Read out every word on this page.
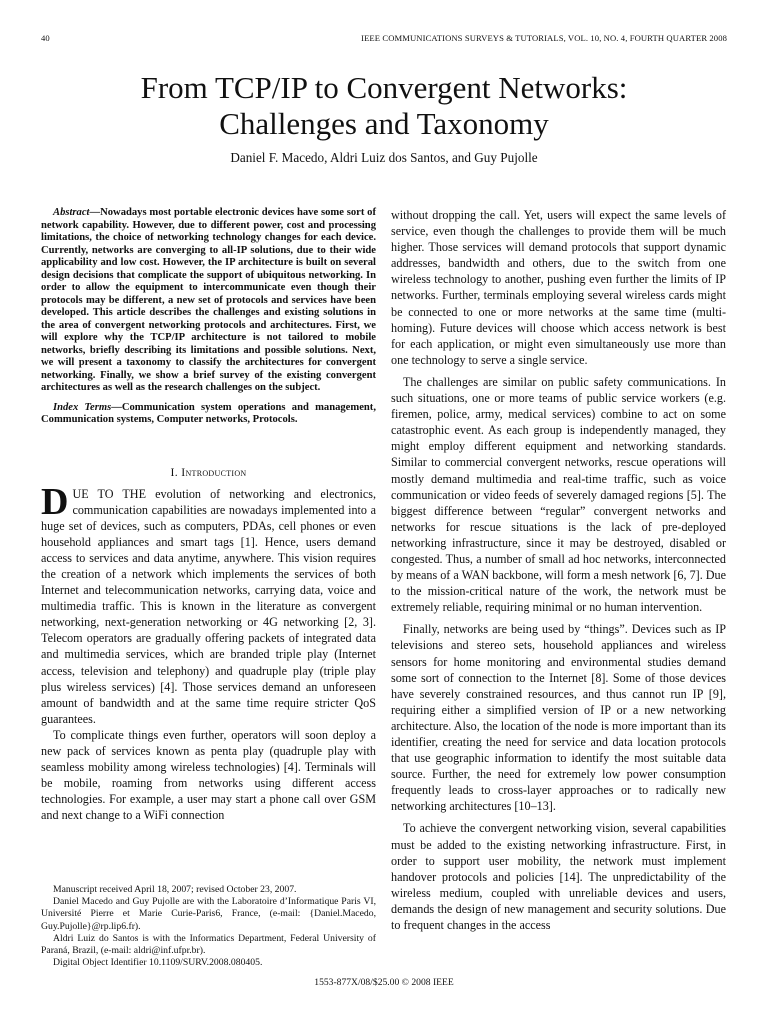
40	IEEE COMMUNICATIONS SURVEYS & TUTORIALS, VOL. 10, NO. 4, FOURTH QUARTER 2008
From TCP/IP to Convergent Networks:
Challenges and Taxonomy
Daniel F. Macedo, Aldri Luiz dos Santos, and Guy Pujolle

Abstract—Nowadays most portable electronic devices have some sort of network capability. However, due to different power, cost and processing limitations, the choice of networking technology changes for each device. Currently, networks are converging to all-IP solutions, due to their wide applicability and low cost. However, the IP architecture is built on several design decisions that complicate the support of ubiquitous networking. In order to allow the equipment to intercommunicate even though their protocols may be different, a new set of protocols and services have been developed. This article describes the challenges and existing solutions in the area of convergent networking protocols and architectures. First, we will explore why the TCP/IP architecture is not tailored to mobile networks, briefly describing its limitations and possible solutions. Next, we will present a taxonomy to classify the architectures for convergent networking. Finally, we show a brief survey of the existing convergent architectures as well as the research challenges on the subject.

Index Terms—Communication system operations and management, Communication systems, Computer networks, Protocols.

I. Introduction

DUE TO THE evolution of networking and electronics, communication capabilities are nowadays implemented into a huge set of devices, such as computers, PDAs, cell phones or even household appliances and smart tags [1]. Hence, users demand access to services and data anytime, anywhere. This vision requires the creation of a network which implements the services of both Internet and telecommunication networks, carrying data, voice and multimedia traffic. This is known in the literature as convergent networking, next-generation networking or 4G networking [2, 3]. Telecom operators are gradually offering packets of integrated data and multimedia services, which are branded triple play (Internet access, television and telephony) and quadruple play (triple play plus wireless services) [4]. Those services demand an unforeseen amount of bandwidth and at the same time require stricter QoS guarantees.

To complicate things even further, operators will soon deploy a new pack of services known as penta play (quadruple play with seamless mobility among wireless technologies) [4]. Terminals will be mobile, roaming from networks using different access technologies. For example, a user may start a phone call over GSM and next change to a WiFi connection

without dropping the call. Yet, users will expect the same levels of service, even though the challenges to provide them will be much higher. Those services will demand protocols that support dynamic addresses, bandwidth and others, due to the switch from one wireless technology to another, pushing even further the limits of IP networks. Further, terminals employing several wireless cards might be connected to one or more networks at the same time (multi-homing). Future devices will choose which access network is best for each application, or might even simultaneously use more than one technology to serve a single service.

The challenges are similar on public safety communications. In such situations, one or more teams of public service workers (e.g. firemen, police, army, medical services) combine to act on some catastrophic event. As each group is independently managed, they might employ different equipment and networking standards. Similar to commercial convergent networks, rescue operations will mostly demand multimedia and real-time traffic, such as voice communication or video feeds of severely damaged regions [5]. The biggest difference between “regular” convergent networks and networks for rescue situations is the lack of pre-deployed networking infrastructure, since it may be destroyed, disabled or congested. Thus, a number of small ad hoc networks, interconnected by means of a WAN backbone, will form a mesh network [6, 7]. Due to the mission-critical nature of the work, the network must be extremely reliable, requiring minimal or no human intervention.

Finally, networks are being used by “things”. Devices such as IP televisions and stereo sets, household appliances and wireless sensors for home monitoring and environmental studies demand some sort of connection to the Internet [8]. Some of those devices have severely constrained resources, and thus cannot run IP [9], requiring either a simplified version of IP or a new networking architecture. Also, the location of the node is more important than its identifier, creating the need for service and data location protocols that use geographic information to identify the most suitable data source. Further, the need for extremely low power consumption frequently leads to cross-layer approaches or to radically new networking architectures [10–13].

To achieve the convergent networking vision, several capabilities must be added to the existing networking infrastructure. First, in order to support user mobility, the network must implement handover protocols and policies [14]. The unpredictability of the wireless medium, coupled with unreliable devices and users, demands the design of new management and security solutions. Due to frequent changes in the access

Manuscript received April 18, 2007; revised October 23, 2007.

Daniel Macedo and Guy Pujolle are with the Laboratoire d’Informatique Paris VI, Université Pierre et Marie Curie-Paris6, France, (e-mail: {Daniel.Macedo, Guy.Pujolle}@rp.lip6.fr).

Aldri Luiz do Santos is with the Informatics Department, Federal University of Paraná, Brazil, (e-mail: aldri@inf.ufpr.br).

Digital Object Identifier 10.1109/SURV.2008.080405.

1553-877X/08/$25.00 © 2008 IEEE
